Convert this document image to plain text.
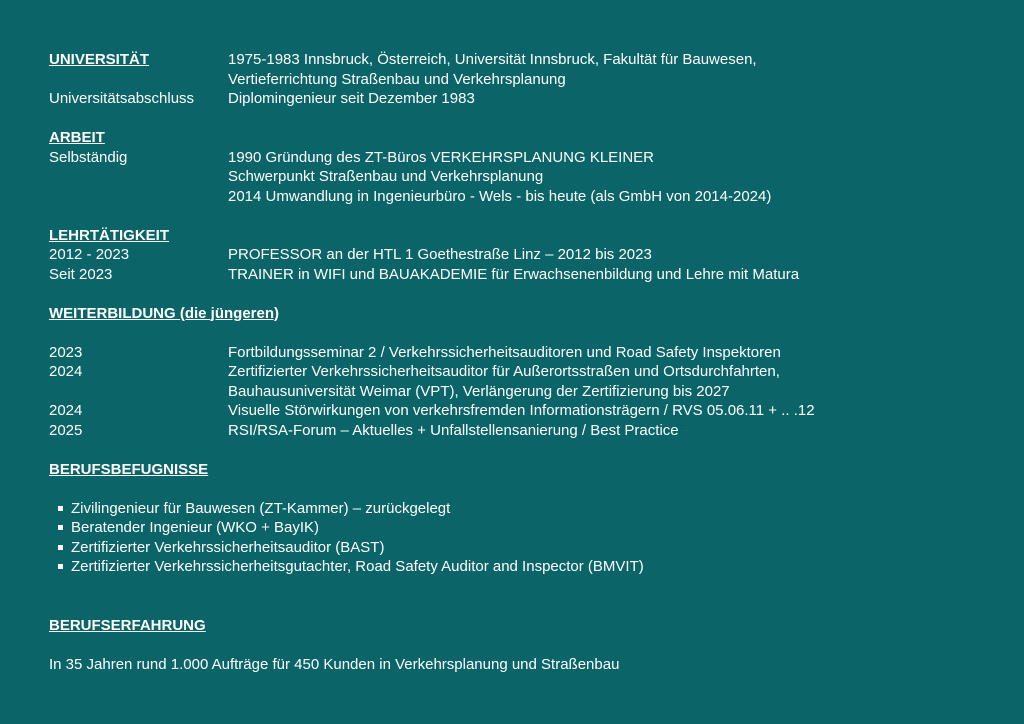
UNIVERSITÄT	1975-1983 Innsbruck, Österreich, Universität Innsbruck, Fakultät für Bauwesen,
Vertieferrichtung Straßenbau und Verkehrsplanung
Universitätsabschluss	Diplomingenieur seit Dezember 1983
ARBEIT
Selbständig	1990 Gründung des ZT-Büros VERKEHRSPLANUNG KLEINER
Schwerpunkt Straßenbau und Verkehrsplanung
2014 Umwandlung in Ingenieurbüro - Wels - bis heute (als GmbH von 2014-2024)
LEHRTÄTIGKEIT
2012 - 2023	PROFESSOR an der HTL 1 Goethestraße Linz – 2012 bis 2023
Seit 2023	TRAINER in WIFI und BAUAKADEMIE für Erwachsenenbildung und Lehre mit Matura
WEITERBILDUNG (die jüngeren)
2023	Fortbildungsseminar 2 / Verkehrssicherheitsauditoren und Road Safety Inspektoren
2024	Zertifizierter Verkehrssicherheitsauditor für Außerortsstraßen und Ortsdurchfahrten,
Bauhausuniversität Weimar (VPT), Verlängerung der Zertifizierung bis 2027
2024	Visuelle Störwirkungen von verkehrsfremden Informationsträgern / RVS 05.06.11 + .. .12
2025	RSI/RSA-Forum – Aktuelles + Unfallstellensanierung / Best Practice
BERUFSBEFUGNISSE
Zivilingenieur für Bauwesen (ZT-Kammer) – zurückgelegt
Beratender Ingenieur (WKO + BayIK)
Zertifizierter Verkehrssicherheitsauditor (BAST)
Zertifizierter Verkehrssicherheitsgutachter, Road Safety Auditor and Inspector (BMVIT)
BERUFSERFAHRUNG
In 35 Jahren rund 1.000 Aufträge für 450 Kunden in Verkehrsplanung und Straßenbau
